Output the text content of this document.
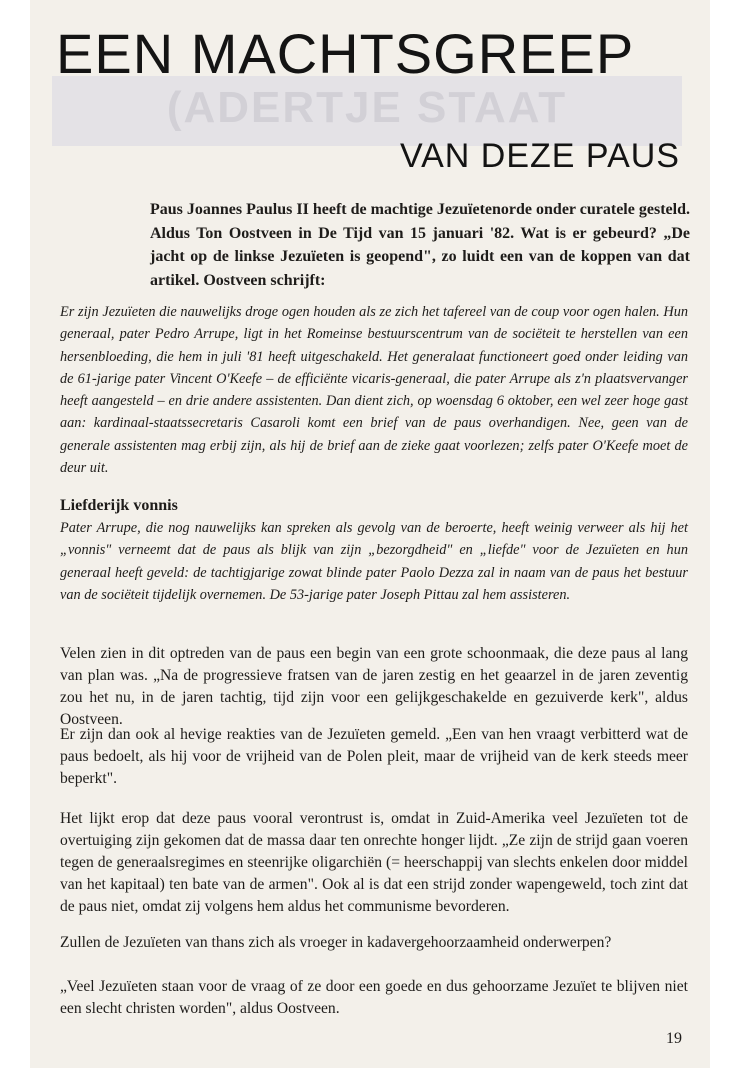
(ADERTJE STAAT
EEN MACHTSGREEP
VAN DEZE PAUS

Paus Joannes Paulus II heeft de machtige Jezuïetenorde onder curatele gesteld. Aldus Ton Oostveen in De Tijd van 15 januari '82. Wat is er gebeurd? „De jacht op de linkse Jezuïeten is geopend", zo luidt een van de koppen van dat artikel. Oostveen schrijft:

Er zijn Jezuïeten die nauwelijks droge ogen houden als ze zich het tafereel van de coup voor ogen halen. Hun generaal, pater Pedro Arrupe, ligt in het Romeinse bestuurscentrum van de sociëteit te herstellen van een hersenbloeding, die hem in juli '81 heeft uitgeschakeld. Het generalaat functioneert goed onder leiding van de 61-jarige pater Vincent O'Keefe – de efficiënte vicaris-generaal, die pater Arrupe als z'n plaatsvervanger heeft aangesteld – en drie andere assistenten. Dan dient zich, op woensdag 6 oktober, een wel zeer hoge gast aan: kardinaal-staatssecretaris Casaroli komt een brief van de paus overhandigen. Nee, geen van de generale assistenten mag erbij zijn, als hij de brief aan de zieke gaat voorlezen; zelfs pater O'Keefe moet de deur uit.

Liefderijk vonnis

Pater Arrupe, die nog nauwelijks kan spreken als gevolg van de beroerte, heeft weinig verweer als hij het „vonnis" verneemt dat de paus als blijk van zijn „bezorgdheid" en „liefde" voor de Jezuïeten en hun generaal heeft geveld: de tachtigjarige zowat blinde pater Paolo Dezza zal in naam van de paus het bestuur van de sociëteit tijdelijk overnemen. De 53-jarige pater Joseph Pittau zal hem assisteren.

Velen zien in dit optreden van de paus een begin van een grote schoonmaak, die deze paus al lang van plan was. „Na de progressieve fratsen van de jaren zestig en het geaarzel in de jaren zeventig zou het nu, in de jaren tachtig, tijd zijn voor een gelijkgeschakelde en gezuiverde kerk", aldus Oostveen.

Er zijn dan ook al hevige reakties van de Jezuïeten gemeld. „Een van hen vraagt verbitterd wat de paus bedoelt, als hij voor de vrijheid van de Polen pleit, maar de vrijheid van de kerk steeds meer beperkt".

Het lijkt erop dat deze paus vooral verontrust is, omdat in Zuid-Amerika veel Jezuïeten tot de overtuiging zijn gekomen dat de massa daar ten onrechte honger lijdt. „Ze zijn de strijd gaan voeren tegen de generaalsregimes en steenrijke oligarchiën (= heerschappij van slechts enkelen door middel van het kapitaal) ten bate van de armen". Ook al is dat een strijd zonder wapengeweld, toch zint dat de paus niet, omdat zij volgens hem aldus het communisme bevorderen.

Zullen de Jezuïeten van thans zich als vroeger in kadavergehoorzaamheid onderwerpen?

„Veel Jezuïeten staan voor de vraag of ze door een goede en dus gehoorzame Jezuïet te blijven niet een slecht christen worden", aldus Oostveen.

19
